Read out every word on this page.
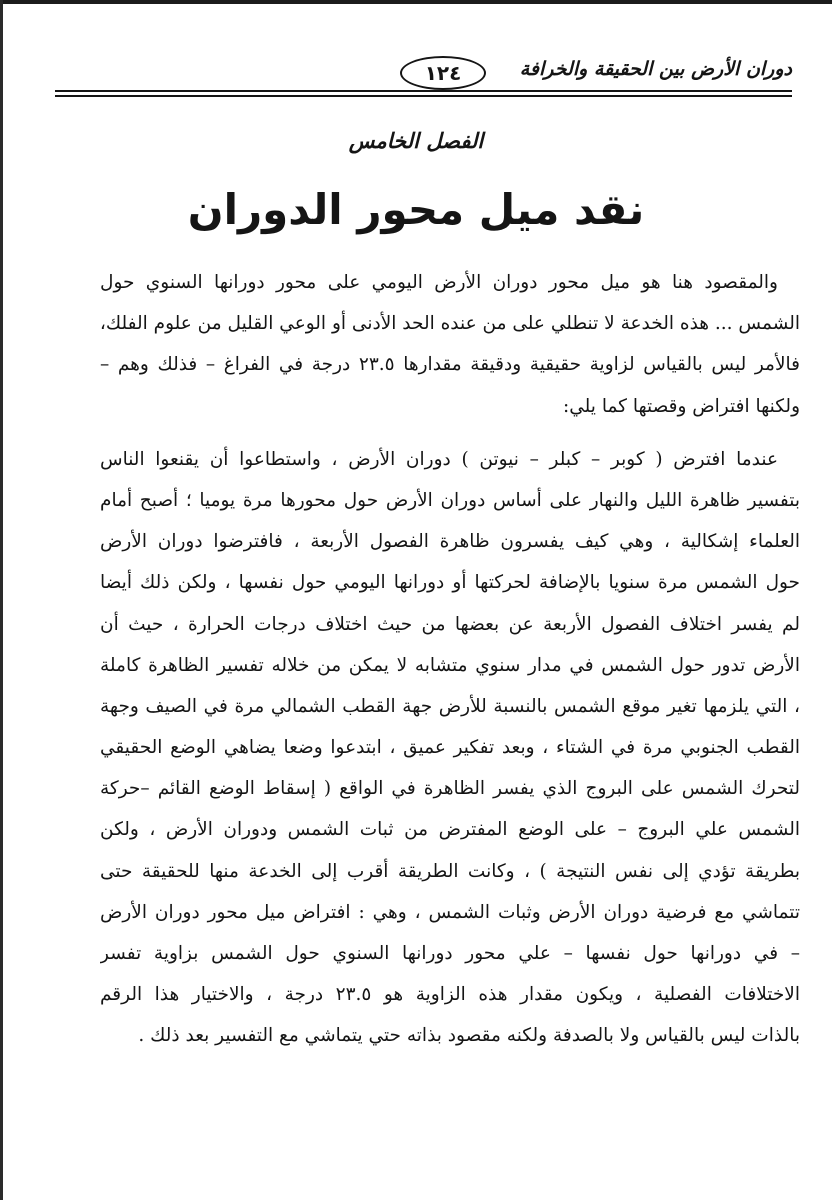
دوران الأرض بين الحقيقة والخرافة
١٢٤
الفصل الخامس
نقد ميل محور الدوران
والمقصود هنا هو ميل محور دوران الأرض اليومي على محور دورانها السنوي حول
الشمس ... هذه الخدعة لا تنطلي على من عنده الحد الأدنى أو الوعي القليل من علوم الفلك،
فالأمر ليس بالقياس لزاوية حقيقية ودقيقة مقدارها ٢٣.٥ درجة في الفراغ – فذلك وهم –
ولكنها افتراض وقصتها كما يلي:
عندما افترض ( كوبر – كبلر – نيوتن ) دوران الأرض ، واستطاعوا أن يقنعوا الناس
بتفسير ظاهرة الليل والنهار على أساس دوران الأرض حول محورها مرة يوميا ؛ أصبح أمام
العلماء إشكالية ، وهي كيف يفسرون ظاهرة الفصول الأربعة ، فافترضوا دوران الأرض
حول الشمس مرة سنويا بالإضافة لحركتها أو دورانها اليومي حول نفسها ، ولكن ذلك أيضا
لم يفسر اختلاف الفصول الأربعة عن بعضها من حيث اختلاف درجات الحرارة ، حيث أن
الأرض تدور حول الشمس في مدار سنوي متشابه لا يمكن من خلاله تفسير الظاهرة كاملة
، التي يلزمها تغير موقع الشمس بالنسبة للأرض جهة القطب الشمالي مرة في الصيف وجهة
القطب الجنوبي مرة في الشتاء ، وبعد تفكير عميق ، ابتدعوا وضعا يضاهي الوضع الحقيقي
لتحرك الشمس على البروج الذي يفسر الظاهرة في الواقع ( إسقاط الوضع القائم –حركة
الشمس علي البروج – على الوضع المفترض من ثبات الشمس ودوران الأرض ، ولكن
بطريقة تؤدي إلى نفس النتيجة ) ، وكانت الطريقة أقرب إلى الخدعة منها للحقيقة حتى
تتماشي مع فرضية دوران الأرض وثبات الشمس ، وهي : افتراض ميل محور دوران الأرض
– في دورانها حول نفسها – علي محور دورانها السنوي حول الشمس بزاوية تفسر
الاختلافات الفصلية ، ويكون مقدار هذه الزاوية هو ٢٣.٥ درجة ، والاختيار هذا الرقم
بالذات ليس بالقياس ولا بالصدفة ولكنه مقصود بذاته حتي يتماشي مع التفسير بعد ذلك .
